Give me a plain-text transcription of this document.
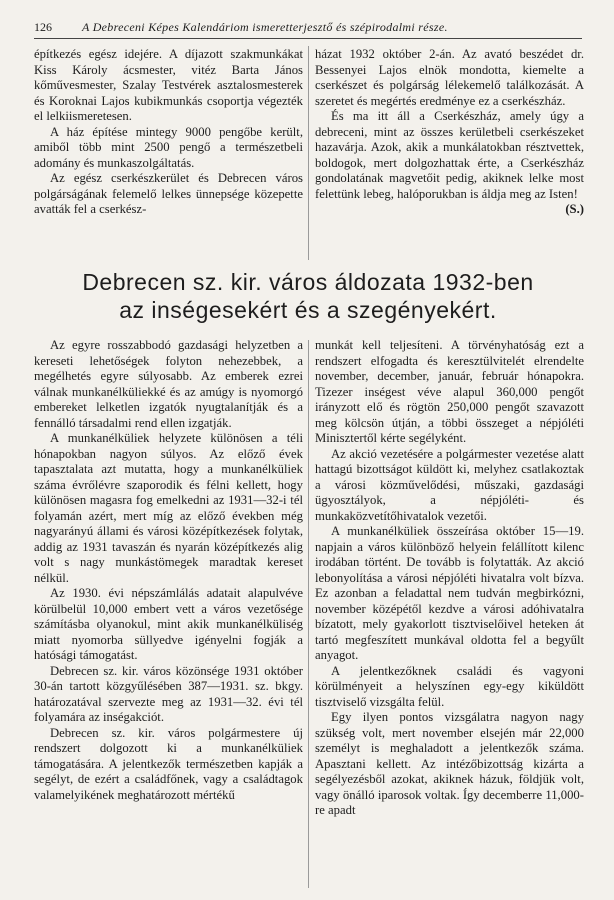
126	A Debreceni Képes Kalendáriom ismeretterjesztő és szépirodalmi része.

építkezés egész idejére. A díjazott szakmunkákat Kiss Károly ácsmester, vitéz Barta János kőművesmester, Szalay Testvérek asztalosmesterek és Koroknai Lajos kubikmunkás csoportja végezték el lelkiismeretesen.

A ház építése mintegy 9000 pengőbe került, amiből több mint 2500 pengő a természetbeli adomány és munkaszolgáltatás.

Az egész cserkészkerület és Debrecen város polgárságának felemelő lelkes ünnepsége közepette avatták fel a cserkész-

házat 1932 október 2-án. Az avató beszédet dr. Bessenyei Lajos elnök mondotta, kiemelte a cserkészet és polgárság lélekemelő találkozását. A szeretet és megértés eredménye ez a cserkészház.

És ma itt áll a Cserkészház, amely úgy a debreceni, mint az összes kerületbeli cserkészeket hazavárja. Azok, akik a munkálatokban résztvettek, boldogok, mert dolgozhattak érte, a Cserkészház gondolatának magvetőit pedig, akiknek lelke most felettünk lebeg, halóporukban is áldja meg az Isten!
(S.)

Debrecen sz. kir. város áldozata 1932-ben
az inségesekért és a szegényekért.

Az egyre rosszabbodó gazdasági helyzetben a kereseti lehetőségek folyton nehezebbek, a megélhetés egyre súlyosabb. Az emberek ezrei válnak munkanélküliekké és az amúgy is nyomorgó embereket lelketlen izgatók nyugtalanítják és a fennálló társadalmi rend ellen izgatják.

A munkanélküliek helyzete különösen a téli hónapokban nagyon súlyos. Az előző évek tapasztalata azt mutatta, hogy a munkanélküliek száma évrőlévre szaporodik és félni kellett, hogy különösen magasra fog emelkedni az 1931—32-i tél folyamán azért, mert míg az előző években még nagyarányú állami és városi középítkezések folytak, addig az 1931 tavaszán és nyarán középítkezés alig volt s nagy munkástömegek maradtak kereset nélkül.

Az 1930. évi népszámlálás adatait alapulvéve körülbelül 10,000 embert vett a város vezetősége számításba olyanokul, mint akik munkanélküliség miatt nyomorba süllyedve igényelni fogják a hatósági támogatást.

Debrecen sz. kir. város közönsége 1931 október 30-án tartott közgyűlésében 387—1931. sz. bkgy. határozatával szervezte meg az 1931—32. évi tél folyamára az inségakciót.

Debrecen sz. kir. város polgármestere új rendszert dolgozott ki a munkanélküliek támogatására. A jelentkezők természetben kapják a segélyt, de ezért a családfőnek, vagy a családtagok valamelyikének meghatározott mértékű

munkát kell teljesíteni. A törvényhatóság ezt a rendszert elfogadta és keresztülvitelét elrendelte november, december, január, február hónapokra. Tizezer inségest véve alapul 360,000 pengőt irányzott elő és rögtön 250,000 pengőt szavazott meg kölcsön útján, a többi összeget a népjóléti Minisztertől kérte segélyként.

Az akció vezetésére a polgármester vezetése alatt hattagú bizottságot küldött ki, melyhez csatlakoztak a városi közművelődési, műszaki, gazdasági ügyosztályok, a népjóléti- és munkaközvetítőhivatalok vezetői.

A munkanélküliek összeírása október 15—19. napjain a város különböző helyein felállított kilenc irodában történt. De tovább is folytatták. Az akció lebonyolítása a városi népjóléti hivatalra volt bízva. Ez azonban a feladattal nem tudván megbirkózni, november középétől kezdve a városi adóhivatalra bízatott, mely gyakorlott tisztviselőivel heteken át tartó megfeszített munkával oldotta fel a begyűlt anyagot.

A jelentkezőknek családi és vagyoni körülményeit a helyszínen egy-egy kiküldött tisztviselő vizsgálta felül.

Egy ilyen pontos vizsgálatra nagyon nagy szükség volt, mert november elsején már 22,000 személyt is meghaladott a jelentkezők száma. Apasztani kellett. Az intézőbizottság kizárta a segélyezésből azokat, akiknek házuk, földjük volt, vagy önálló iparosok voltak. Így decemberre 11,000-re apadt
